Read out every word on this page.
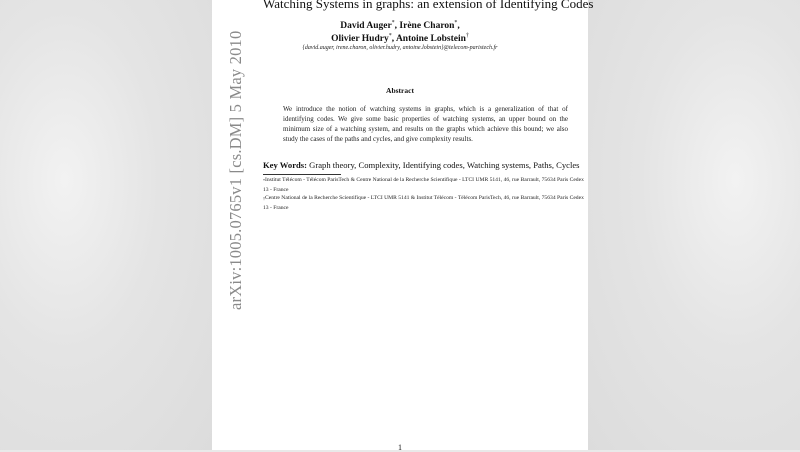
arXiv:1005.0765v1 [cs.DM] 5 May 2010
Watching Systems in graphs: an extension of Identifying Codes
David Auger*, Irène Charon*,
Olivier Hudry*, Antoine Lobstein†
{david.auger, irene.charon, olivier.hudry, antoine.lobstein}@telecom-paristech.fr
Abstract
We introduce the notion of watching systems in graphs, which is a generalization of that of identifying codes. We give some basic properties of watching systems, an upper bound on the minimum size of a watching system, and results on the graphs which achieve this bound; we also study the cases of the paths and cycles, and give complexity results.
Key Words: Graph theory, Complexity, Identifying codes, Watching systems, Paths, Cycles
*Institut Télécom - Télécom ParisTech & Centre National de la Recherche Scientifique - LTCI UMR 5141, 46, rue Barrault, 75634 Paris Cedex 13 - France
†Centre National de la Recherche Scientifique - LTCI UMR 5141 & Institut Télécom - Télécom ParisTech, 46, rue Barrault, 75634 Paris Cedex 13 - France
1
